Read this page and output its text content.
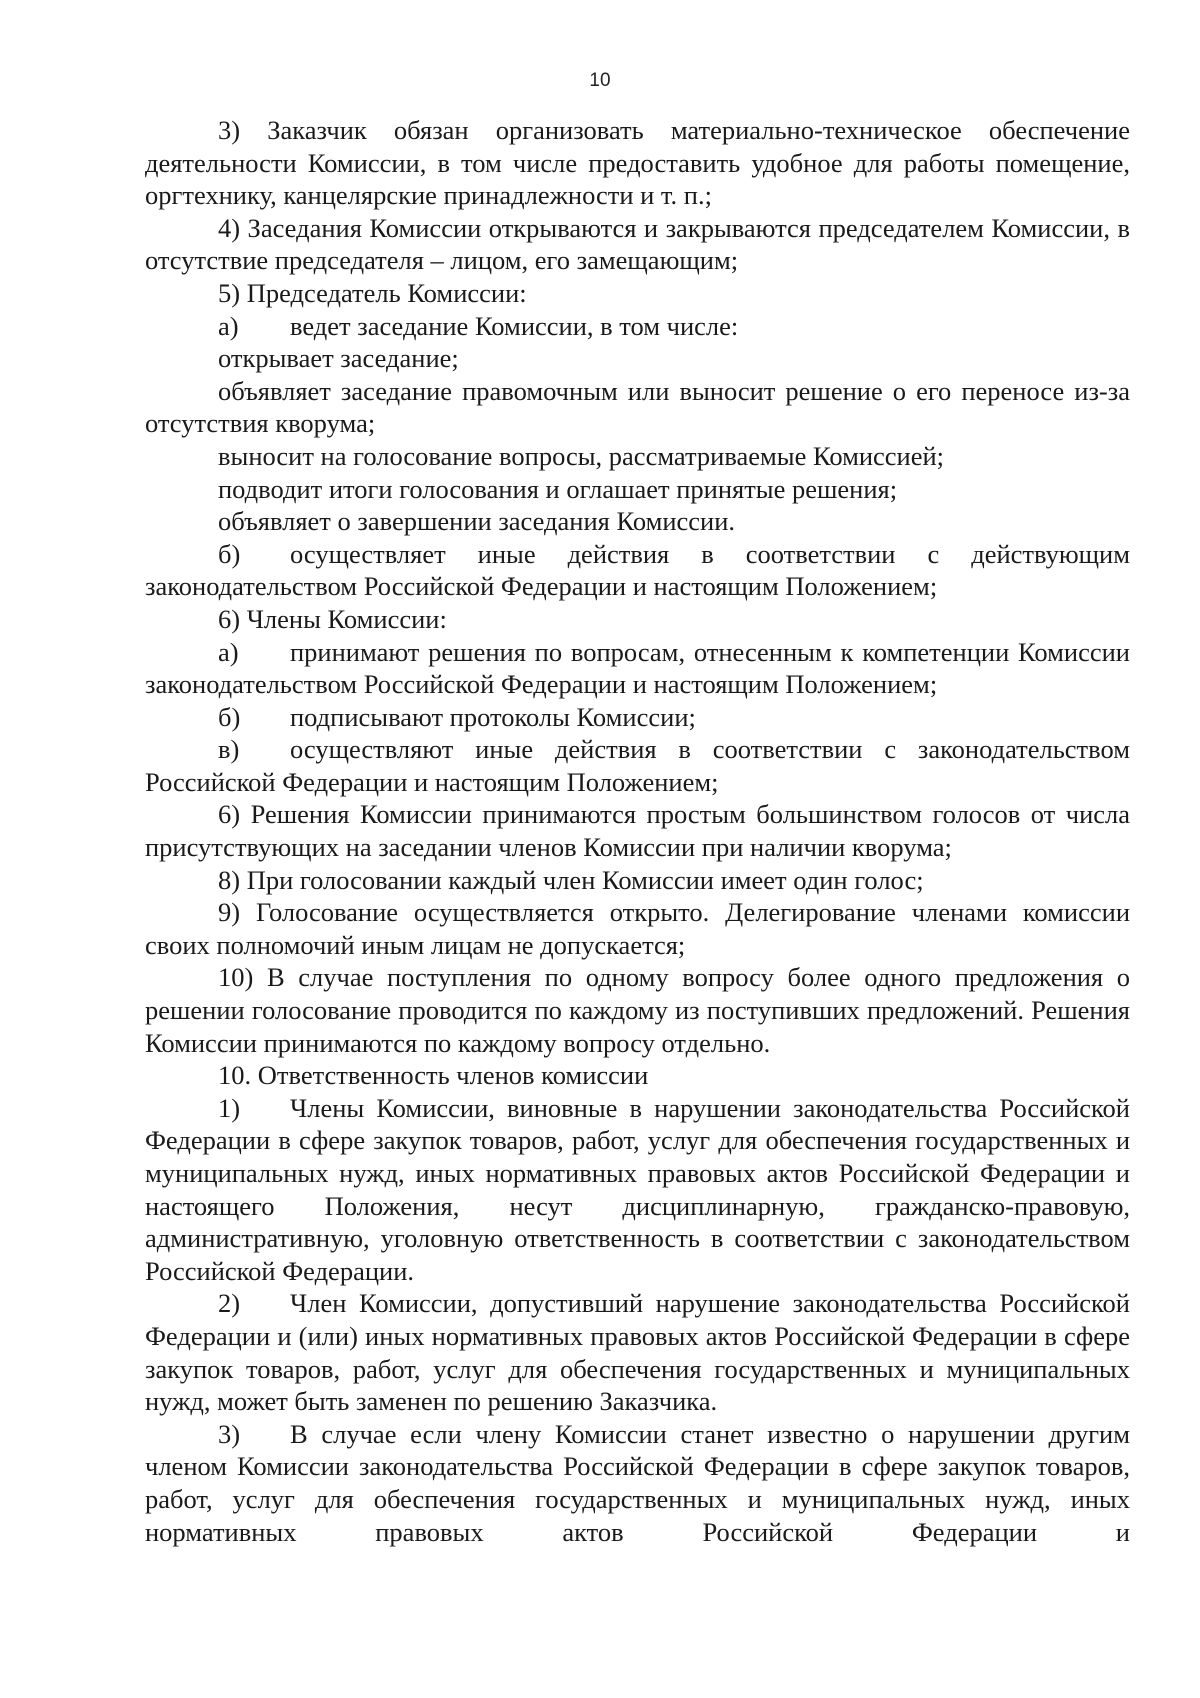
10
3) Заказчик обязан организовать материально-техническое обеспечение деятельности Комиссии, в том числе предоставить удобное для работы помещение, оргтехнику, канцелярские принадлежности и т. п.;
4) Заседания Комиссии открываются и закрываются председателем Комиссии, в отсутствие председателя – лицом, его замещающим;
5) Председатель Комиссии:
а) ведет заседание Комиссии, в том числе:
открывает заседание;
объявляет заседание правомочным или выносит решение о его переносе из-за отсутствия кворума;
выносит на голосование вопросы, рассматриваемые Комиссией;
подводит итоги голосования и оглашает принятые решения;
объявляет о завершении заседания Комиссии.
б) осуществляет иные действия в соответствии с действующим законодательством Российской Федерации и настоящим Положением;
6) Члены Комиссии:
а) принимают решения по вопросам, отнесенным к компетенции Комиссии законодательством Российской Федерации и настоящим Положением;
б) подписывают протоколы Комиссии;
в) осуществляют иные действия в соответствии с законодательством Российской Федерации и настоящим Положением;
6) Решения Комиссии принимаются простым большинством голосов от числа присутствующих на заседании членов Комиссии при наличии кворума;
8) При голосовании каждый член Комиссии имеет один голос;
9) Голосование осуществляется открыто. Делегирование членами комиссии своих полномочий иным лицам не допускается;
10) В случае поступления по одному вопросу более одного предложения о решении голосование проводится по каждому из поступивших предложений. Решения Комиссии принимаются по каждому вопросу отдельно.
10. Ответственность членов комиссии
1) Члены Комиссии, виновные в нарушении законодательства Российской Федерации в сфере закупок товаров, работ, услуг для обеспечения государственных и муниципальных нужд, иных нормативных правовых актов Российской Федерации и настоящего Положения, несут дисциплинарную, гражданско-правовую, административную, уголовную ответственность в соответствии с законодательством Российской Федерации.
2) Член Комиссии, допустивший нарушение законодательства Российской Федерации и (или) иных нормативных правовых актов Российской Федерации в сфере закупок товаров, работ, услуг для обеспечения государственных и муниципальных нужд, может быть заменен по решению Заказчика.
3) В случае если члену Комиссии станет известно о нарушении другим членом Комиссии законодательства Российской Федерации в сфере закупок товаров, работ, услуг для обеспечения государственных и муниципальных нужд, иных нормативных правовых актов Российской Федерации и
